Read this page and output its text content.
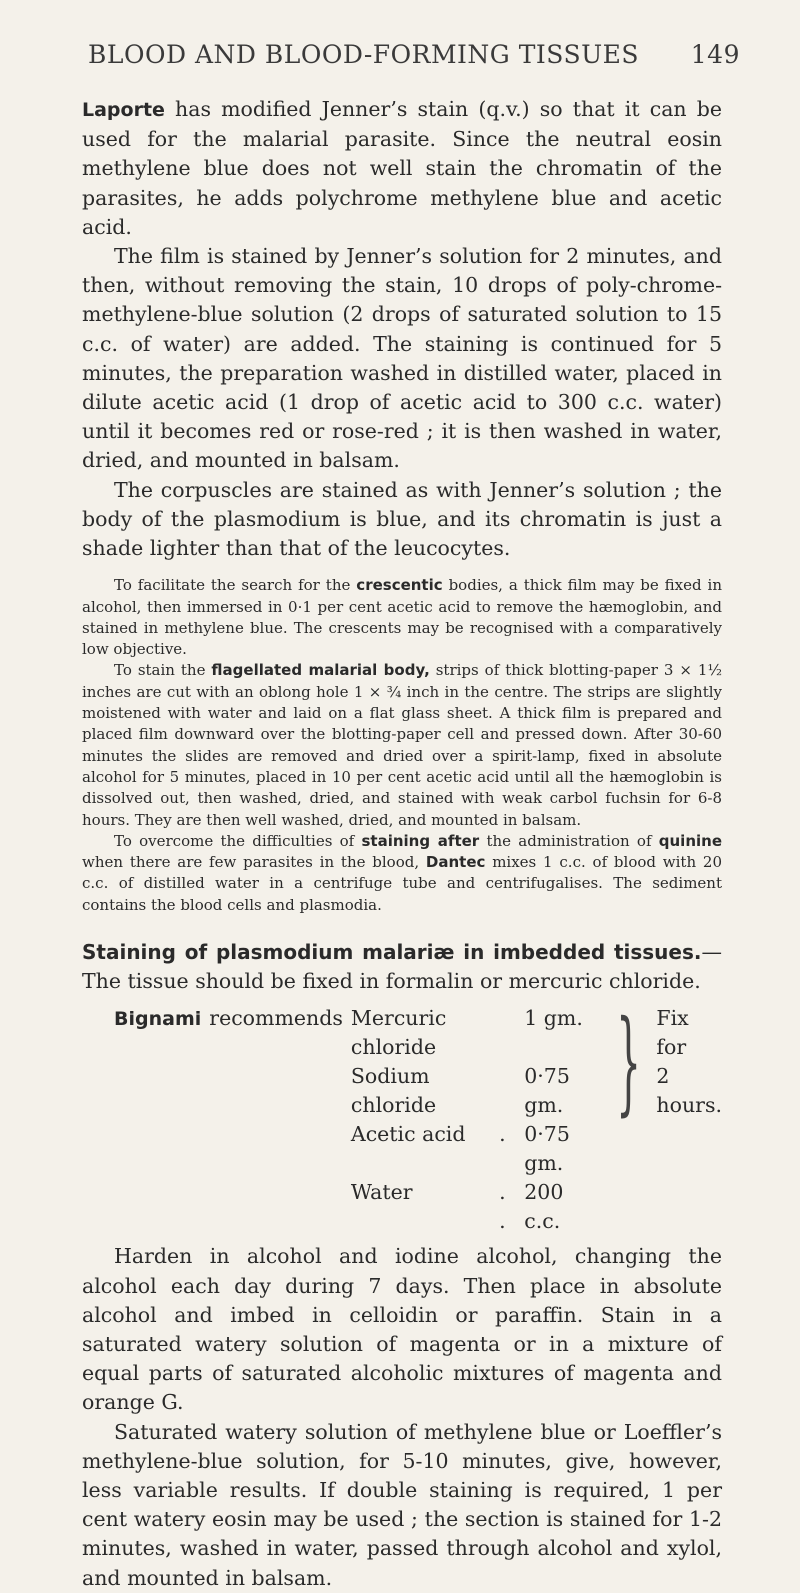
BLOOD AND BLOOD-FORMING TISSUES 149

Laporte has modified Jenner’s stain (q.v.) so that it can be used for the malarial parasite. Since the neutral eosin methylene blue does not well stain the chromatin of the parasites, he adds polychrome methylene blue and acetic acid.

The film is stained by Jenner’s solution for 2 minutes, and then, without removing the stain, 10 drops of poly-chrome-methylene-blue solution (2 drops of saturated solution to 15 c.c. of water) are added. The staining is continued for 5 minutes, the preparation washed in distilled water, placed in dilute acetic acid (1 drop of acetic acid to 300 c.c. water) until it becomes red or rose-red ; it is then washed in water, dried, and mounted in balsam.

The corpuscles are stained as with Jenner’s solution ; the body of the plasmodium is blue, and its chromatin is just a shade lighter than that of the leucocytes.

To facilitate the search for the crescentic bodies, a thick film may be fixed in alcohol, then immersed in 0·1 per cent acetic acid to remove the hæmoglobin, and stained in methylene blue. The crescents may be recognised with a comparatively low objective.

To stain the flagellated malarial body, strips of thick blotting-paper 3 × 1½ inches are cut with an oblong hole 1 × ¾ inch in the centre. The strips are slightly moistened with water and laid on a flat glass sheet. A thick film is prepared and placed film downward over the blotting-paper cell and pressed down. After 30-60 minutes the slides are removed and dried over a spirit-lamp, fixed in absolute alcohol for 5 minutes, placed in 10 per cent acetic acid until all the hæmoglobin is dissolved out, then washed, dried, and stained with weak carbol fuchsin for 6-8 hours. They are then well washed, dried, and mounted in balsam.

To overcome the difficulties of staining after the administration of quinine when there are few parasites in the blood, Dantec mixes 1 c.c. of blood with 20 c.c. of distilled water in a centrifuge tube and centrifugalises. The sediment contains the blood cells and plasmodia.

Staining of plasmodium malariæ in imbedded tissues.—The tissue should be fixed in formalin or mercuric chloride.

Bignami recommends Mercuric chloride		1 gm.
Sodium chloride		0·75 gm.
Acetic acid	.	0·75 gm.
Water	. .	200 c.c.
} Fix for
2 hours.

Harden in alcohol and iodine alcohol, changing the alcohol each day during 7 days. Then place in absolute alcohol and imbed in celloidin or paraffin. Stain in a saturated watery solution of magenta or in a mixture of equal parts of saturated alcoholic mixtures of magenta and orange G.

Saturated watery solution of methylene blue or Loeffler’s methylene-blue solution, for 5-10 minutes, give, however, less variable results. If double staining is required, 1 per cent watery eosin may be used ; the section is stained for 1-2 minutes, washed in water, passed through alcohol and xylol, and mounted in balsam.
